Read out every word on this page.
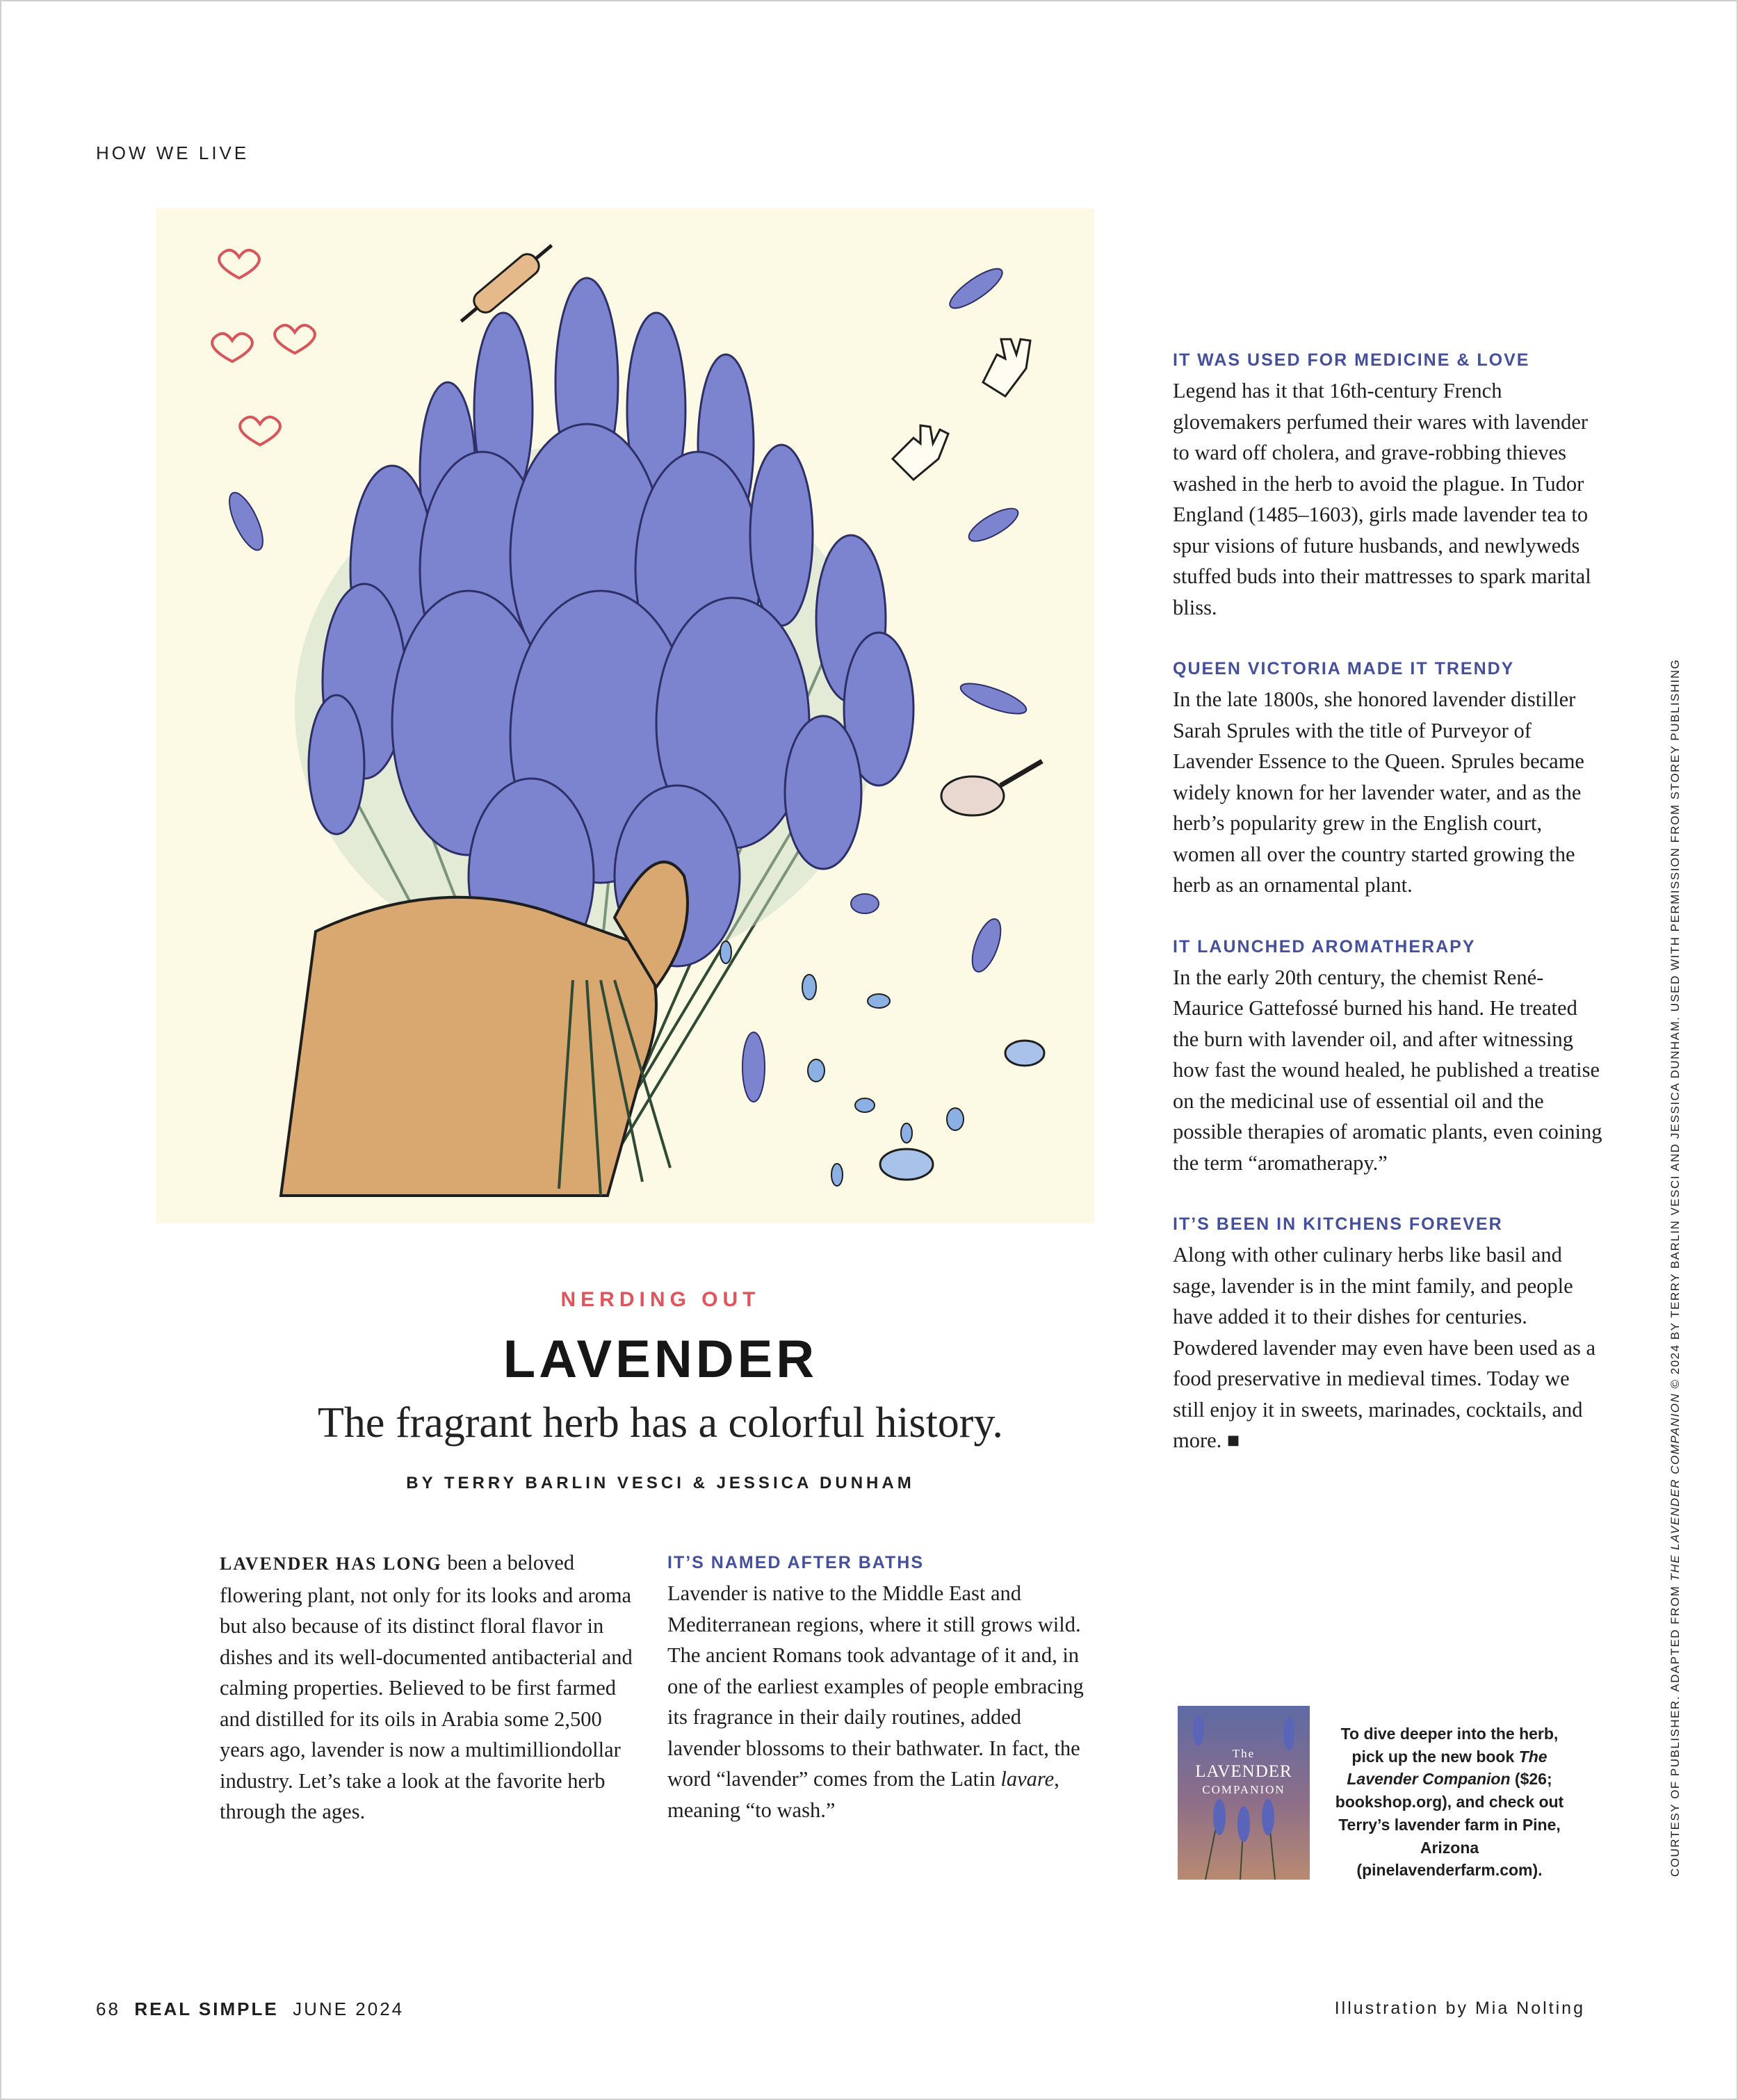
HOW WE LIVE
NERDING OUT
LAVENDER
The fragrant herb has a colorful history.
BY TERRY BARLIN VESCI & JESSICA DUNHAM

LAVENDER HAS LONG been a beloved flowering plant, not only for its looks and aroma but also because of its distinct floral flavor in dishes and its well-documented antibacterial and calming properties. Believed to be first farmed and distilled for its oils in Arabia some 2,500 years ago, lavender is now a multimilliondollar industry. Let’s take a look at the favorite herb through the ages.

IT’S NAMED AFTER BATHS

Lavender is native to the Middle East and Mediterranean regions, where it still grows wild. The ancient Romans took advantage of it and, in one of the earliest examples of people embracing its fragrance in their daily routines, added lavender blossoms to their bathwater. In fact, the word “lavender” comes from the Latin lavare, meaning “to wash.”

IT WAS USED FOR MEDICINE & LOVE

Legend has it that 16th-century French glovemakers perfumed their wares with lavender to ward off cholera, and grave-robbing thieves washed in the herb to avoid the plague. In Tudor England (1485–1603), girls made lavender tea to spur visions of future husbands, and newlyweds stuffed buds into their mattresses to spark marital bliss.

QUEEN VICTORIA MADE IT TRENDY

In the late 1800s, she honored lavender distiller Sarah Sprules with the title of Purveyor of Lavender Essence to the Queen. Sprules became widely known for her lavender water, and as the herb’s popularity grew in the English court, women all over the country started growing the herb as an ornamental plant.

IT LAUNCHED AROMATHERAPY

In the early 20th century, the chemist René-Maurice Gattefossé burned his hand. He treated the burn with lavender oil, and after witnessing how fast the wound healed, he published a treatise on the medicinal use of essential oil and the possible therapies of aromatic plants, even coining the term “aromatherapy.”

IT’S BEEN IN KITCHENS FOREVER

Along with other culinary herbs like basil and sage, lavender is in the mint family, and people have added it to their dishes for centuries. Powdered lavender may even have been used as a food preservative in medieval times. Today we still enjoy it in sweets, marinades, cocktails, and more. ■

The
LAVENDER
COMPANION
To dive deeper into the herb, pick up the new book The Lavender Companion ($26; bookshop.org), and check out Terry’s lavender farm in Pine, Arizona (pinelavenderfarm.com).	COURTESY OF PUBLISHER. ADAPTED FROM THE LAVENDER COMPANION © 2024 BY TERRY BARLIN VESCI AND JESSICA DUNHAM. USED WITH PERMISSION FROM STOREY PUBLISHING
68 REAL SIMPLE JUNE 2024	Illustration by Mia Nolting
